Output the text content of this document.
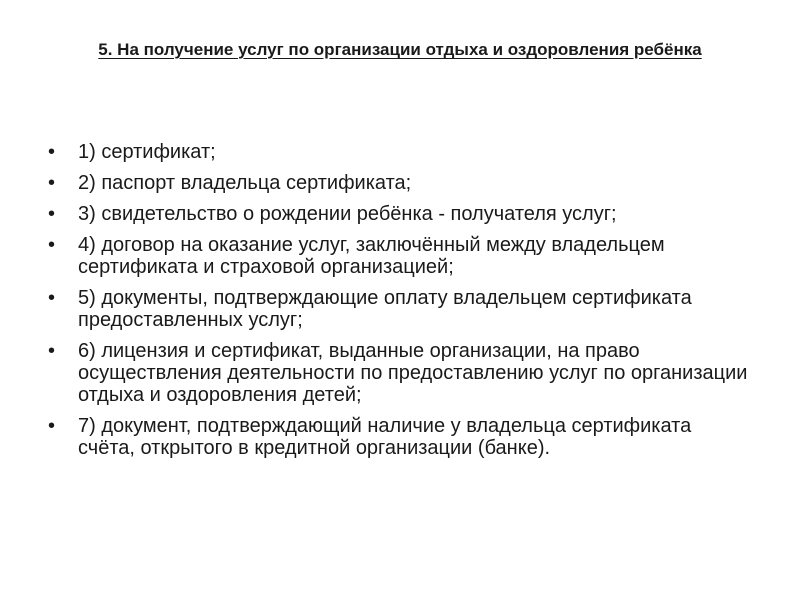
5. На получение услуг по организации отдыха и оздоровления ребёнка
•	1) сертификат;
•	2) паспорт владельца сертификата;
•	3) свидетельство о рождении ребёнка - получателя услуг;
•	4) договор на оказание услуг, заключённый между владельцем сертификата и страховой организацией;
•	5) документы, подтверждающие оплату владельцем сертификата предоставленных услуг;
•	6) лицензия и сертификат, выданные организации, на право осуществления деятельности по предоставлению услуг по организации отдыха и оздоровления детей;
•	7) документ, подтверждающий наличие у владельца сертификата счёта, открытого в кредитной организации (банке).
